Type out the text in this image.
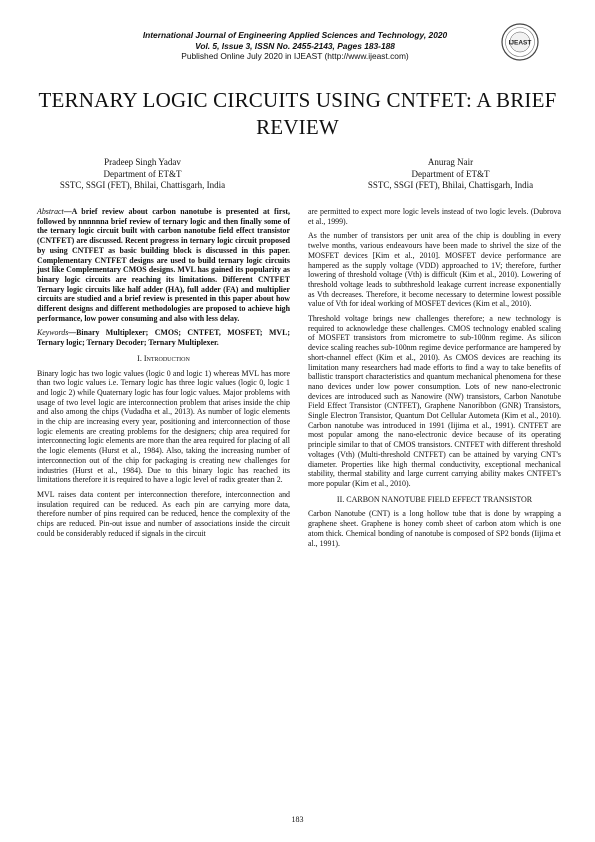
International Journal of Engineering Applied Sciences and Technology, 2020
Vol. 5, Issue 3, ISSN No. 2455-2143, Pages 183-188
Published Online July 2020 in IJEAST (http://www.ijeast.com)
IJEAST
TERNARY LOGIC CIRCUITS USING CNTFET: A BRIEF REVIEW
Pradeep Singh Yadav
Department of ET&T
SSTC, SSGI (FET), Bhilai, Chattisgarh, India
Anurag Nair
Department of ET&T
SSTC, SSGI (FET), Bhilai, Chattisgarh, India

Abstract—A brief review about carbon nanotube is presented at first, followed by nnnnnna brief review of ternary logic and then finally some of the ternary logic circuit built with carbon nanotube field effect transistor (CNTFET) are discussed. Recent progress in ternary logic circuit proposed by using CNTFET as basic building block is discussed in this paper. Complementary CNTFET designs are used to build ternary logic circuits just like Complementary CMOS designs. MVL has gained its popularity as binary logic circuits are reaching its limitations. Different CNTFET Ternary logic circuits like half adder (HA), full adder (FA) and multiplier circuits are studied and a brief review is presented in this paper about how different designs and different methodologies are proposed to achieve high performance, low power consuming and also with less delay.

Keywords—Binary Multiplexer; CMOS; CNTFET, MOSFET; MVL; Ternary logic; Ternary Decoder; Ternary Multiplexer.

I. Introduction

Binary logic has two logic values (logic 0 and logic 1) whereas MVL has more than two logic values i.e. Ternary logic has three logic values (logic 0, logic 1 and logic 2) while Quaternary logic has four logic values. Major problems with usage of two level logic are interconnection problem that arises inside the chip and also among the chips (Vudadha et al., 2013). As number of logic elements in the chip are increasing every year, positioning and interconnection of those logic elements are creating problems for the designers; chip area required for interconnecting logic elements are more than the area required for placing of all the logic elements (Hurst et al., 1984). Also, taking the increasing number of interconnection out of the chip for packaging is creating new challenges for industries (Hurst et al., 1984). Due to this binary logic has reached its limitations therefore it is required to have a logic level of radix greater than 2.

MVL raises data content per interconnection therefore, interconnection and insulation required can be reduced. As each pin are carrying more data, therefore number of pins required can be reduced, hence the complexity of the chips are reduced. Pin-out issue and number of associations inside the circuit could be considerably reduced if signals in the circuit

are permitted to expect more logic levels instead of two logic levels. (Dubrova et al., 1999).

As the number of transistors per unit area of the chip is doubling in every twelve months, various endeavours have been made to shrivel the size of the MOSFET devices [Kim et al., 2010]. MOSFET device performance are hampered as the supply voltage (VDD) approached to 1V; therefore, further lowering of threshold voltage (Vth) is difficult (Kim et al., 2010). Lowering of threshold voltage leads to subthreshold leakage current increase exponentially as Vth decreases. Therefore, it become necessary to determine lowest possible value of Vth for ideal working of MOSFET devices (Kim et al., 2010).

Threshold voltage brings new challenges therefore; a new technology is required to acknowledge these challenges. CMOS technology enabled scaling of MOSFET transistors from micrometre to sub-100nm regime. As silicon device scaling reaches sub-100nm regime device performance are hampered by short-channel effect (Kim et al., 2010). As CMOS devices are reaching its limitation many researchers had made efforts to find a way to take benefits of ballistic transport characteristics and quantum mechanical phenomena for these nano devices under low power consumption. Lots of new nano-electronic devices are introduced such as Nanowire (NW) transistors, Carbon Nanotube Field Effect Transistor (CNTFET), Graphene Nanoribbon (GNR) Transistors, Single Electron Transistor, Quantum Dot Cellular Autometa (Kim et al., 2010). Carbon nanotube was introduced in 1991 (Iijima et al., 1991). CNTFET are most popular among the nano-electronic device because of its operating principle similar to that of CMOS transistors. CNTFET with different threshold voltages (Vth) (Multi-threshold CNTFET) can be attained by varying CNT's diameter. Properties like high thermal conductivity, exceptional mechanical stability, thermal stability and large current carrying ability makes CNTFET's more popular (Kim et al., 2010).

II. CARBON NANOTUBE FIELD EFFECT TRANSISTOR

Carbon Nanotube (CNT) is a long hollow tube that is done by wrapping a graphene sheet. Graphene is honey comb sheet of carbon atom which is one atom thick. Chemical bonding of nanotube is composed of SP2 bonds (Iijima et al., 1991).

183
